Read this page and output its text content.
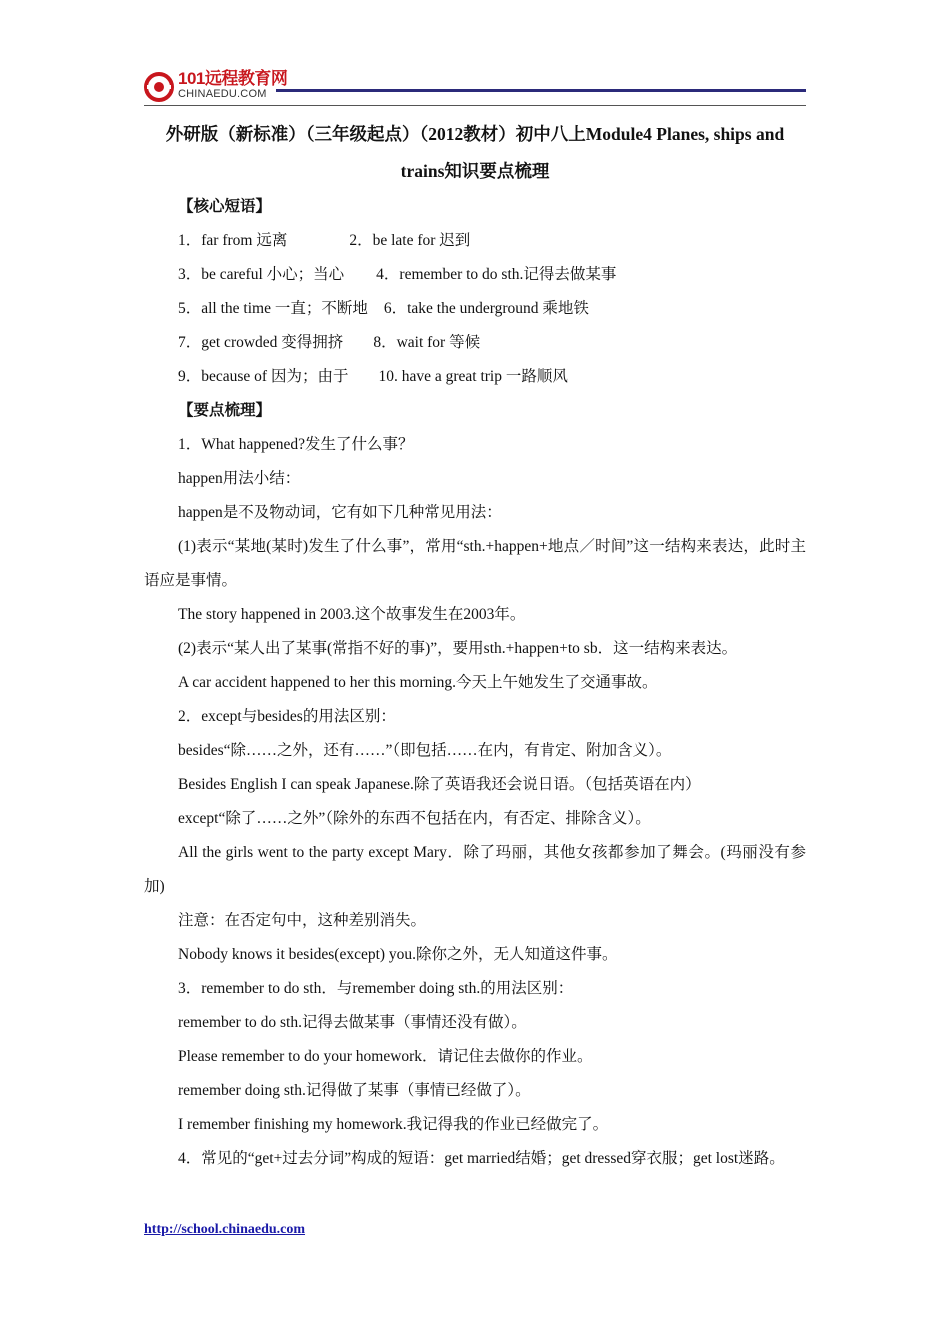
101远程教育网
CHINAEDU.COM
外研版（新标准）（三年级起点）（2012教材）初中八上Module4 Planes, ships and trains知识要点梳理
【核心短语】
1．far from 远离	2．be late for 迟到
3．be careful 小心；当心 4．remember to do sth.记得去做某事
5．all the time 一直；不断地 6．take the underground 乘地铁
7．get crowded 变得拥挤 8．wait for 等候
9．because of 因为；由于 10. have a great trip 一路顺风
【要点梳理】

1．What happened?发生了什么事？

happen用法小结：

happen是不及物动词，它有如下几种常见用法：

(1)表示“某地(某时)发生了什么事”，常用“sth.+happen+地点／时间”这一结构来表达，此时主语应是事情。

The story happened in 2003.这个故事发生在2003年。

(2)表示“某人出了某事(常指不好的事)”，要用sth.+happen+to sb．这一结构来表达。

A car accident happened to her this morning.今天上午她发生了交通事故。

2．except与besides的用法区别：

besides“除……之外，还有……”（即包括……在内，有肯定、附加含义）。

Besides English I can speak Japanese.除了英语我还会说日语。（包括英语在内）

except“除了……之外”（除外的东西不包括在内，有否定、排除含义）。

All the girls went to the party except Mary．除了玛丽，其他女孩都参加了舞会。(玛丽没有参加)

注意：在否定句中，这种差别消失。

Nobody knows it besides(except) you.除你之外，无人知道这件事。

3．remember to do sth．与remember doing sth.的用法区别：

remember to do sth.记得去做某事（事情还没有做）。

Please remember to do your homework．请记住去做你的作业。

remember doing sth.记得做了某事（事情已经做了）。

I remember finishing my homework.我记得我的作业已经做完了。

4．常见的“get+过去分词”构成的短语：get married结婚；get dressed穿衣服；get lost迷路。

http://school.chinaedu.com
